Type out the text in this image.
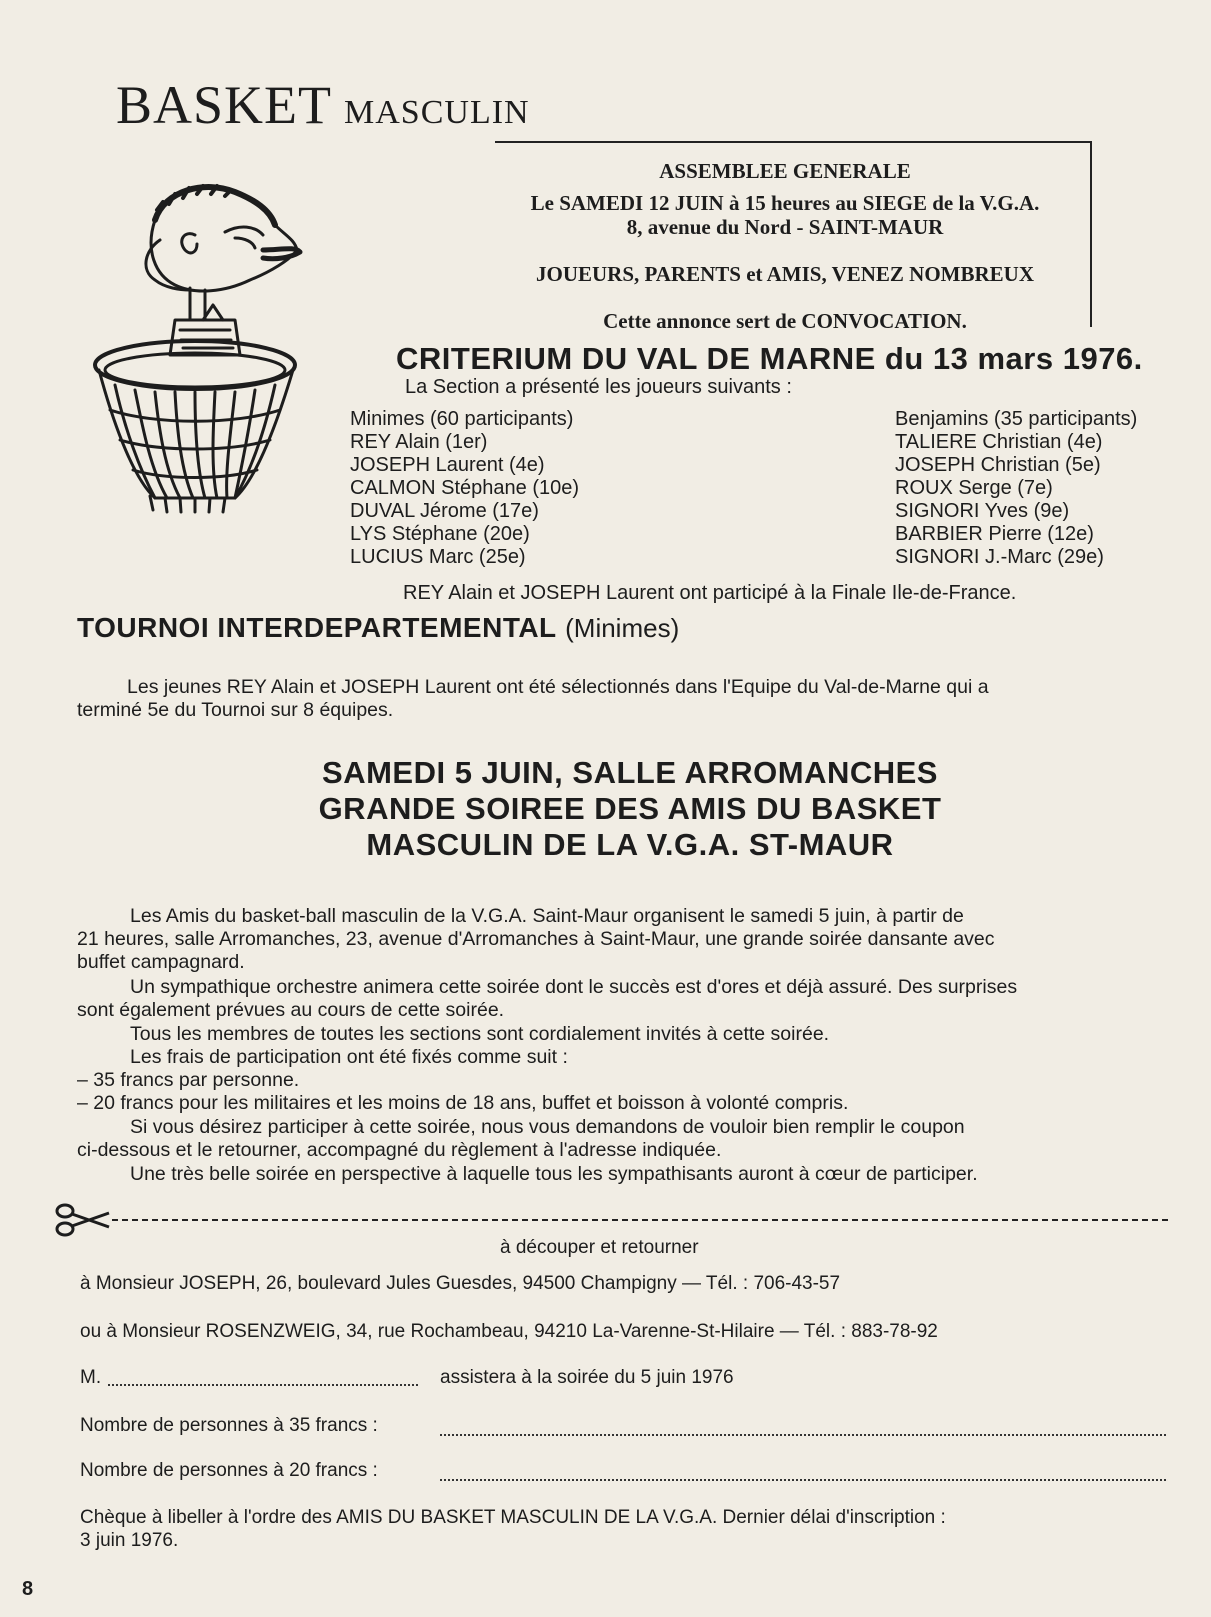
BASKET MASCULIN
ASSEMBLEE GENERALE
Le SAMEDI 12 JUIN à 15 heures au SIEGE de la V.G.A.
8, avenue du Nord - SAINT-MAUR
JOUEURS, PARENTS et AMIS, VENEZ NOMBREUX
Cette annonce sert de CONVOCATION.
CRITERIUM DU VAL DE MARNE du 13 mars 1976.
La Section a présenté les joueurs suivants :
Minimes (60 participants)
REY Alain (1er)
JOSEPH Laurent (4e)
CALMON Stéphane (10e)
DUVAL Jérome (17e)
LYS Stéphane (20e)
LUCIUS Marc (25e)
Benjamins (35 participants)
TALIERE Christian (4e)
JOSEPH Christian (5e)
ROUX Serge (7e)
SIGNORI Yves (9e)
BARBIER Pierre (12e)
SIGNORI J.-Marc (29e)
REY Alain et JOSEPH Laurent ont participé à la Finale Ile-de-France.
TOURNOI INTERDEPARTEMENTAL (Minimes)
Les jeunes REY Alain et JOSEPH Laurent ont été sélectionnés dans l'Equipe du Val-de-Marne qui a
terminé 5e du Tournoi sur 8 équipes.
SAMEDI 5 JUIN, SALLE ARROMANCHES
GRANDE SOIREE DES AMIS DU BASKET
MASCULIN DE LA V.G.A. ST-MAUR
Les Amis du basket-ball masculin de la V.G.A. Saint-Maur organisent le samedi 5 juin, à partir de
21 heures, salle Arromanches, 23, avenue d'Arromanches à Saint-Maur, une grande soirée dansante avec
buffet campagnard.
Un sympathique orchestre animera cette soirée dont le succès est d'ores et déjà assuré. Des surprises
sont également prévues au cours de cette soirée.
Tous les membres de toutes les sections sont cordialement invités à cette soirée.
Les frais de participation ont été fixés comme suit :
– 35 francs par personne.
– 20 francs pour les militaires et les moins de 18 ans, buffet et boisson à volonté compris.
Si vous désirez participer à cette soirée, nous vous demandons de vouloir bien remplir le coupon
ci-dessous et le retourner, accompagné du règlement à l'adresse indiquée.
Une très belle soirée en perspective à laquelle tous les sympathisants auront à cœur de participer.
à découper et retourner
à Monsieur JOSEPH, 26, boulevard Jules Guesdes, 94500 Champigny — Tél. : 706-43-57
ou à Monsieur ROSENZWEIG, 34, rue Rochambeau, 94210 La-Varenne-St-Hilaire — Tél. : 883-78-92
M.	assistera à la soirée du 5 juin 1976
Nombre de personnes à 35 francs :
Nombre de personnes à 20 francs :
Chèque à libeller à l'ordre des AMIS DU BASKET MASCULIN DE LA V.G.A. Dernier délai d'inscription :
3 juin 1976.
8
